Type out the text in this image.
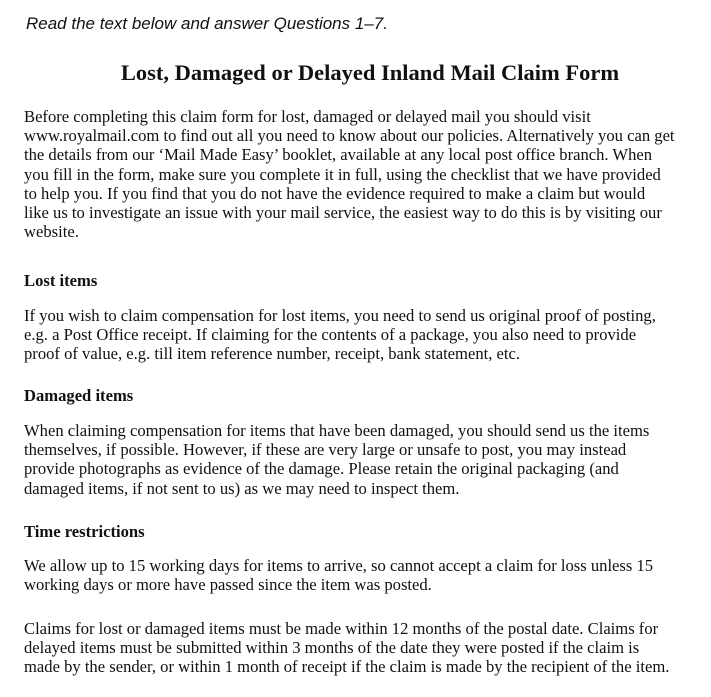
Read the text below and answer Questions 1–7.

Lost, Damaged or Delayed Inland Mail Claim Form
Before completing this claim form for lost, damaged or delayed mail you should visit
www.royalmail.com to find out all you need to know about our policies. Alternatively you can get
the details from our ‘Mail Made Easy’ booklet, available at any local post office branch. When
you fill in the form, make sure you complete it in full, using the checklist that we have provided
to help you. If you find that you do not have the evidence required to make a claim but would
like us to investigate an issue with your mail service, the easiest way to do this is by visiting our
website.
Lost items
If you wish to claim compensation for lost items, you need to send us original proof of posting,
e.g. a Post Office receipt. If claiming for the contents of a package, you also need to provide
proof of value, e.g. till item reference number, receipt, bank statement, etc.
Damaged items
When claiming compensation for items that have been damaged, you should send us the items
themselves, if possible. However, if these are very large or unsafe to post, you may instead
provide photographs as evidence of the damage. Please retain the original packaging (and
damaged items, if not sent to us) as we may need to inspect them.
Time restrictions
We allow up to 15 working days for items to arrive, so cannot accept a claim for loss unless 15
working days or more have passed since the item was posted.
Claims for lost or damaged items must be made within 12 months of the postal date. Claims for
delayed items must be submitted within 3 months of the date they were posted if the claim is
made by the sender, or within 1 month of receipt if the claim is made by the recipient of the item.
